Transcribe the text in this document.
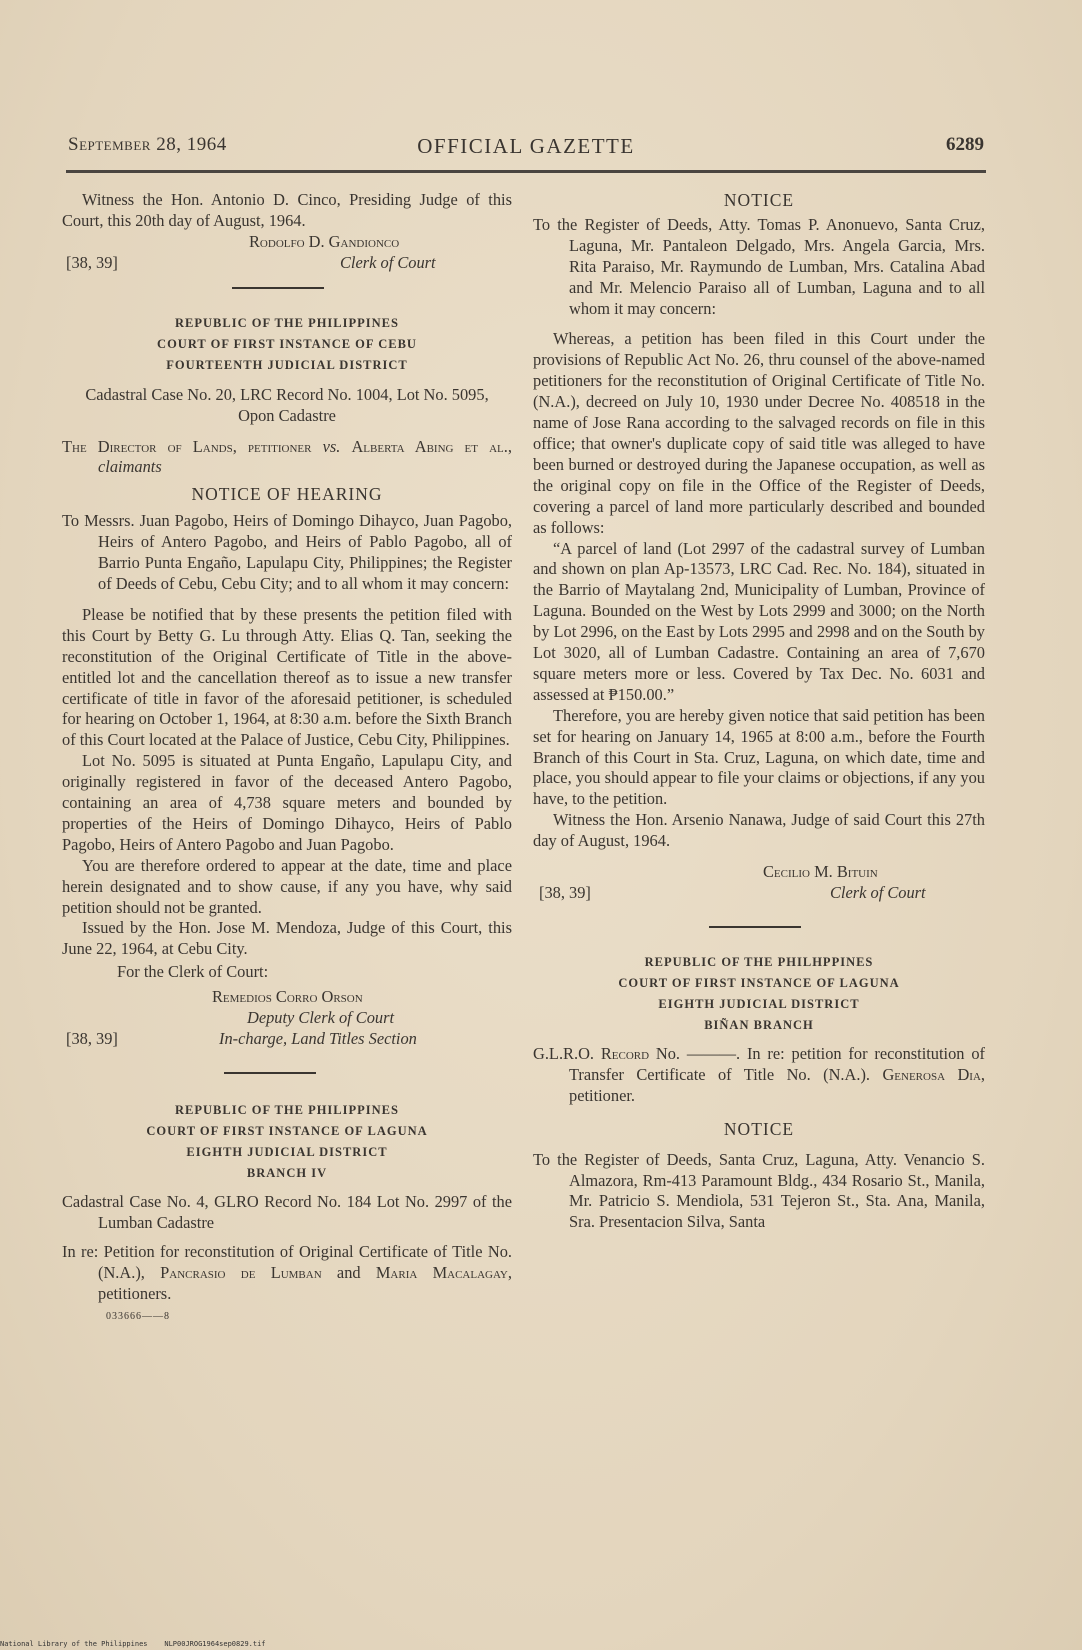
September 28, 1964	OFFICIAL GAZETTE	6289

Witness the Hon. Antonio D. Cinco, Presiding Judge of this Court, this 20th day of August, 1964.

Rodolfo D. Gandionco

[38, 39]	Clerk of Court
REPUBLIC OF THE PHILIPPINES
COURT OF FIRST INSTANCE OF CEBU
FOURTEENTH JUDICIAL DISTRICT

Cadastral Case No. 20, LRC Record No. 1004, Lot No. 5095, Opon Cadastre

The Director of Lands, petitioner vs. Alberta Abing et al., claimants

NOTICE OF HEARING

To Messrs. Juan Pagobo, Heirs of Domingo Dihayco, Juan Pagobo, Heirs of Antero Pagobo, and Heirs of Pablo Pagobo, all of Barrio Punta Engaño, Lapulapu City, Philippines; the Register of Deeds of Cebu, Cebu City; and to all whom it may concern:

Please be notified that by these presents the petition filed with this Court by Betty G. Lu through Atty. Elias Q. Tan, seeking the reconstitution of the Original Certificate of Title in the above-entitled lot and the cancellation thereof as to issue a new transfer certificate of title in favor of the aforesaid petitioner, is scheduled for hearing on October 1, 1964, at 8:30 a.m. before the Sixth Branch of this Court located at the Palace of Justice, Cebu City, Philippines.

Lot No. 5095 is situated at Punta Engaño, Lapulapu City, and originally registered in favor of the deceased Antero Pagobo, containing an area of 4,738 square meters and bounded by properties of the Heirs of Domingo Dihayco, Heirs of Pablo Pagobo, Heirs of Antero Pagobo and Juan Pagobo.

You are therefore ordered to appear at the date, time and place herein designated and to show cause, if any you have, why said petition should not be granted.

Issued by the Hon. Jose M. Mendoza, Judge of this Court, this June 22, 1964, at Cebu City.

For the Clerk of Court:

Remedios Corro Orson

Deputy Clerk of Court

[38, 39]	In-charge, Land Titles Section
REPUBLIC OF THE PHILIPPINES
COURT OF FIRST INSTANCE OF LAGUNA
EIGHTH JUDICIAL DISTRICT
BRANCH IV

Cadastral Case No. 4, GLRO Record No. 184 Lot No. 2997 of the Lumban Cadastre

In re: Petition for reconstitution of Original Certificate of Title No. (N.A.), Pancrasio de Lumban and Maria Macalagay, petitioners.

033666——8

NOTICE

To the Register of Deeds, Atty. Tomas P. Anonuevo, Santa Cruz, Laguna, Mr. Pantaleon Delgado, Mrs. Angela Garcia, Mrs. Rita Paraiso, Mr. Raymundo de Lumban, Mrs. Catalina Abad and Mr. Melencio Paraiso all of Lumban, Laguna and to all whom it may concern:

Whereas, a petition has been filed in this Court under the provisions of Republic Act No. 26, thru counsel of the above-named petitioners for the reconstitution of Original Certificate of Title No. (N.A.), decreed on July 10, 1930 under Decree No. 408518 in the name of Jose Rana according to the salvaged records on file in this office; that owner's duplicate copy of said title was alleged to have been burned or destroyed during the Japanese occupation, as well as the original copy on file in the Office of the Register of Deeds, covering a parcel of land more particularly described and bounded as follows:

“A parcel of land (Lot 2997 of the cadastral survey of Lumban and shown on plan Ap-13573, LRC Cad. Rec. No. 184), situated in the Barrio of Maytalang 2nd, Municipality of Lumban, Province of Laguna. Bounded on the West by Lots 2999 and 3000; on the North by Lot 2996, on the East by Lots 2995 and 2998 and on the South by Lot 3020, all of Lumban Cadastre. Containing an area of 7,670 square meters more or less. Covered by Tax Dec. No. 6031 and assessed at ₱150.00.”

Therefore, you are hereby given notice that said petition has been set for hearing on January 14, 1965 at 8:00 a.m., before the Fourth Branch of this Court in Sta. Cruz, Laguna, on which date, time and place, you should appear to file your claims or objections, if any you have, to the petition.

Witness the Hon. Arsenio Nanawa, Judge of said Court this 27th day of August, 1964.

Cecilio M. Bituin

[38, 39]	Clerk of Court
REPUBLIC OF THE PHILHPPINES
COURT OF FIRST INSTANCE OF LAGUNA
EIGHTH JUDICIAL DISTRICT
BIÑAN BRANCH

G.L.R.O. Record No. ———. In re: petition for reconstitution of Transfer Certificate of Title No. (N.A.). Generosa Dia, petitioner.

NOTICE

To the Register of Deeds, Santa Cruz, Laguna, Atty. Venancio S. Almazora, Rm-413 Paramount Bldg., 434 Rosario St., Manila, Mr. Patricio S. Mendiola, 531 Tejeron St., Sta. Ana, Manila, Sra. Presentacion Silva, Santa

National Library of the Philippines NLP00JROG1964sep0829.tif
